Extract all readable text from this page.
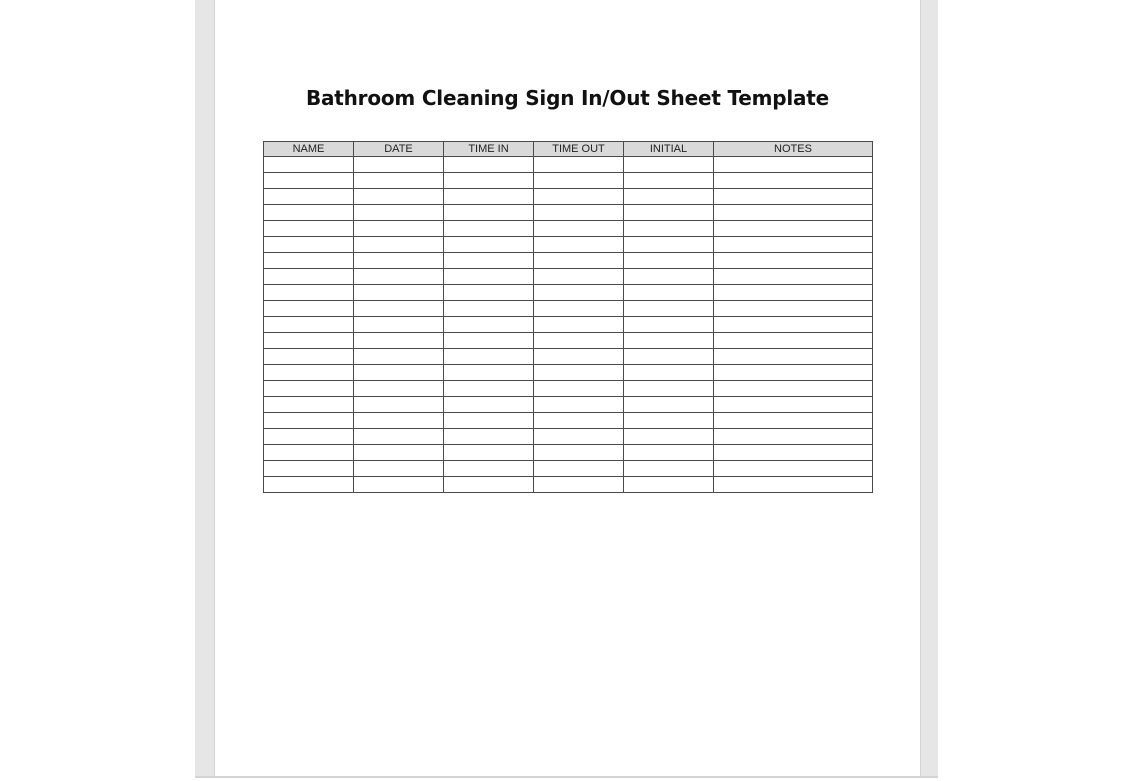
Bathroom Cleaning Sign In/Out Sheet Template
NAME	DATE	TIME IN	TIME OUT	INITIAL	NOTES
